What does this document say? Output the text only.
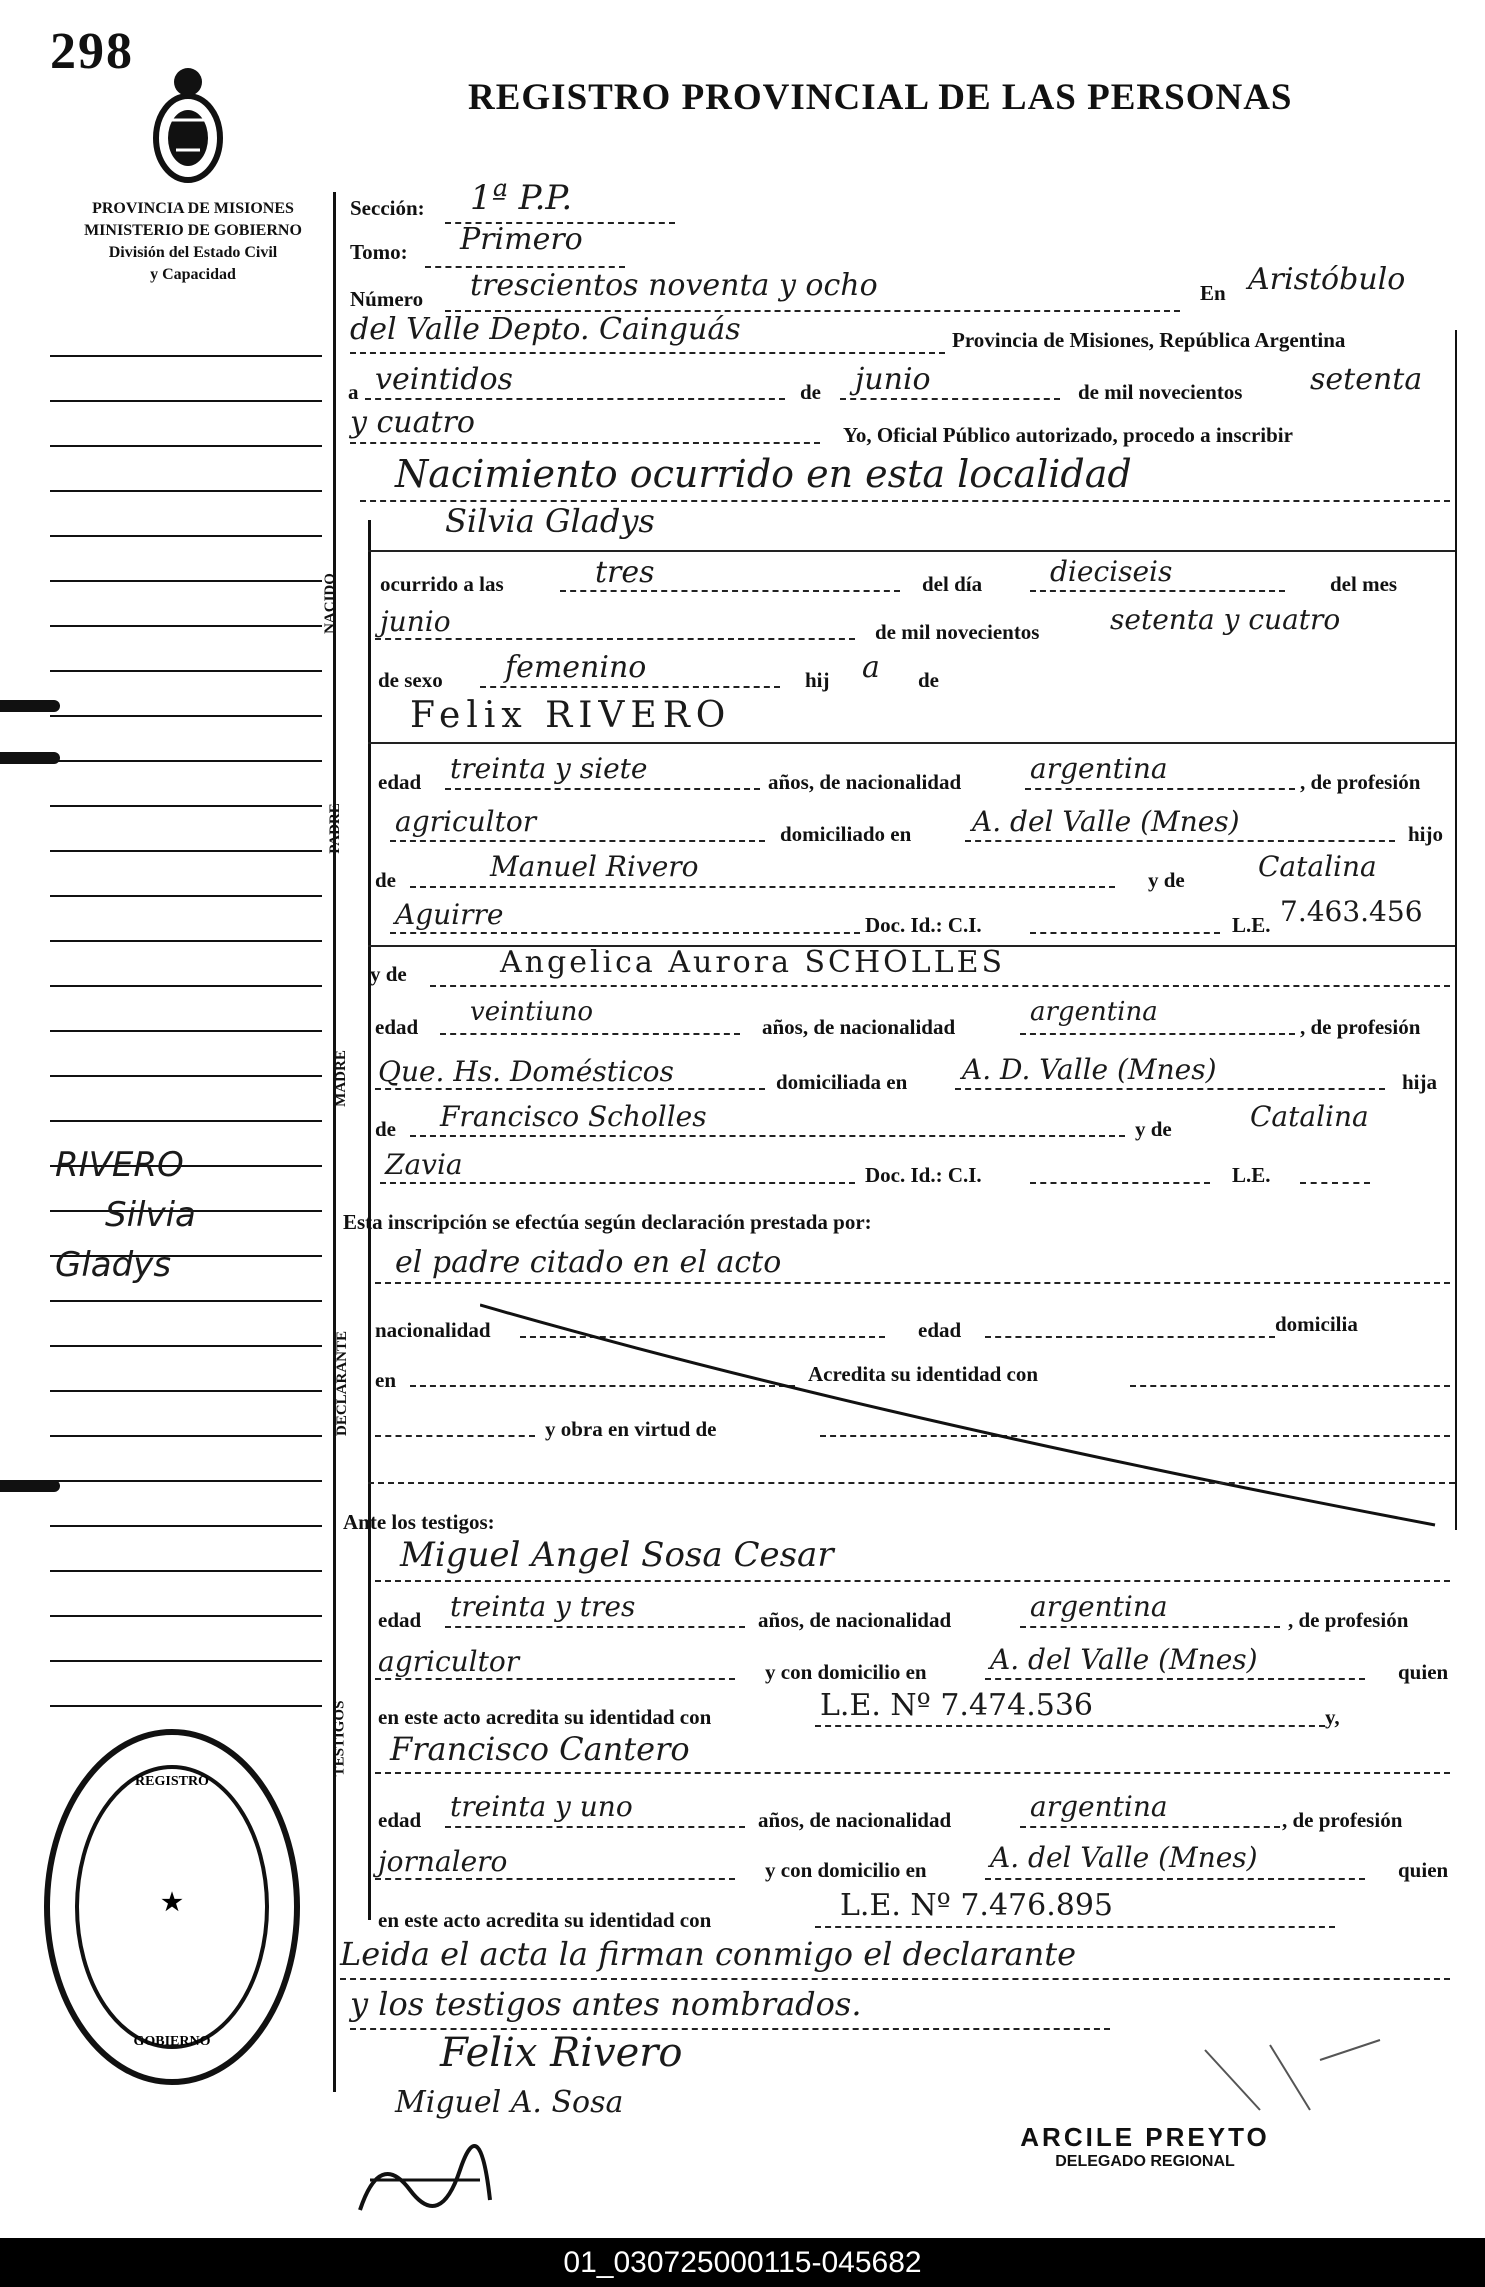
298
REGISTRO PROVINCIAL DE LAS PERSONAS
PROVINCIA DE MISIONES
MINISTERIO DE GOBIERNO
División del Estado Civil
y Capacidad
RIVERO
Silvia
Gladys
Sección: 1ª P.P.
Tomo: Primero
Número trescientos noventa y ocho	En Aristóbulo
del Valle Depto. Cainguás	Provincia de Misiones, República Argentina
a veintidos	de junio	de mil novecientos setenta
y cuatro	Yo, Oficial Público autorizado, procedo a inscribir
Nacimiento ocurrido en esta localidad
NACIDO
Silvia Gladys
ocurrido a las	tres	del día dieciseis	del mes
junio	de mil novecientos	setenta y cuatro
de sexo femenino	hij a de
PADRE
Felix RIVERO
edad treinta y siete	años, de nacionalidad argentina	, de profesión
agricultor	domiciliado en A. del Valle (Mnes)	hijo
de	Manuel Rivero	y de	Catalina
Aguirre	Doc. Id.: C.I.	L.E. 7.463.456
MADRE
y de	Angelica Aurora SCHOLLES
edad veintiuno	años, de nacionalidad	argentina	, de profesión
Que. Hs. Domésticos	domiciliada en A. D. Valle (Mnes)	hija
de Francisco Scholles	y de	Catalina
Zavia	Doc. Id.: C.I.	L.E.
Esta inscripción se efectúa según declaración prestada por:
DECLARANTE
el padre citado en el acto
nacionalidad	edad	domicilia
en	Acredita su identidad con
y obra en virtud de
Ante los testigos:
TESTIGOS
Miguel Angel Sosa Cesar
edad treinta y tres	años, de nacionalidad	argentina	, de profesión
agricultor	y con domicilio en A. del Valle (Mnes)	quien
en este acto acredita su identidad con	L.E. Nº 7.474.536	y,
Francisco Cantero
edad treinta y uno	años, de nacionalidad	argentina	, de profesión
jornalero	y con domicilio en A. del Valle (Mnes)	quien
en este acto acredita su identidad con	L.E. Nº 7.476.895
Leida el acta la firman conmigo el declarante
y los testigos antes nombrados.
Felix Rivero
Miguel A. Sosa
★
REGISTRO
GOBIERNO
ARCILE PREYTO
DELEGADO REGIONAL
01_030725000115-045682
